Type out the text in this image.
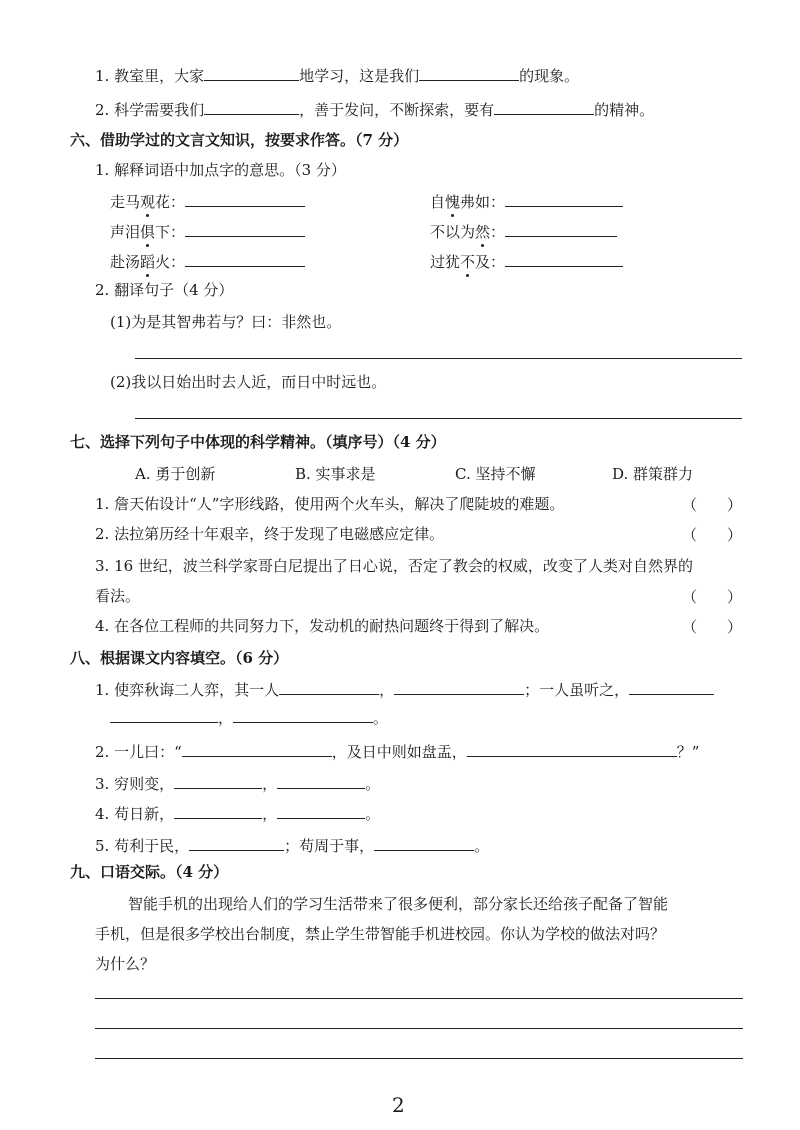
1. 教室里，大家	地学习，这是我们	的现象。
2. 科学需要我们	，善于发问，不断探索，要有	的精神。
六、借助学过的文言文知识，按要求作答。（7 分）
1. 解释词语中加点字的意思。（3 分）
走马观花：	自愧弗如：
声泪俱下：	不以为然：
赴汤蹈火：	过犹不及：
2. 翻译句子（4 分）
(1)为是其智弗若与？曰：非然也。
(2)我以日始出时去人近，而日中时远也。
七、选择下列句子中体现的科学精神。（填序号）（4 分）
A. 勇于创新	B. 实事求是	C. 坚持不懈	D. 群策群力
1. 詹天佑设计“人”字形线路，使用两个火车头，解决了爬陡坡的难题。	（　　）
2. 法拉第历经十年艰辛，终于发现了电磁感应定律。	（　　）
3. 16 世纪，波兰科学家哥白尼提出了日心说，否定了教会的权威，改变了人类对自然界的
看法。	（　　）
4. 在各位工程师的共同努力下，发动机的耐热问题终于得到了解决。	（　　）
八、根据课文内容填空。（6 分）
1. 使弈秋诲二人弈，其一人	，	；一人虽听之，
，	。
2. 一儿曰：“	，及日中则如盘盂，	？”
3. 穷则变，	，	。
4. 苟日新，	，	。
5. 苟利于民，	；苟周于事，	。
九、口语交际。（4 分）
智能手机的出现给人们的学习生活带来了很多便利，部分家长还给孩子配备了智能
手机，但是很多学校出台制度，禁止学生带智能手机进校园。你认为学校的做法对吗？
为什么？
2
